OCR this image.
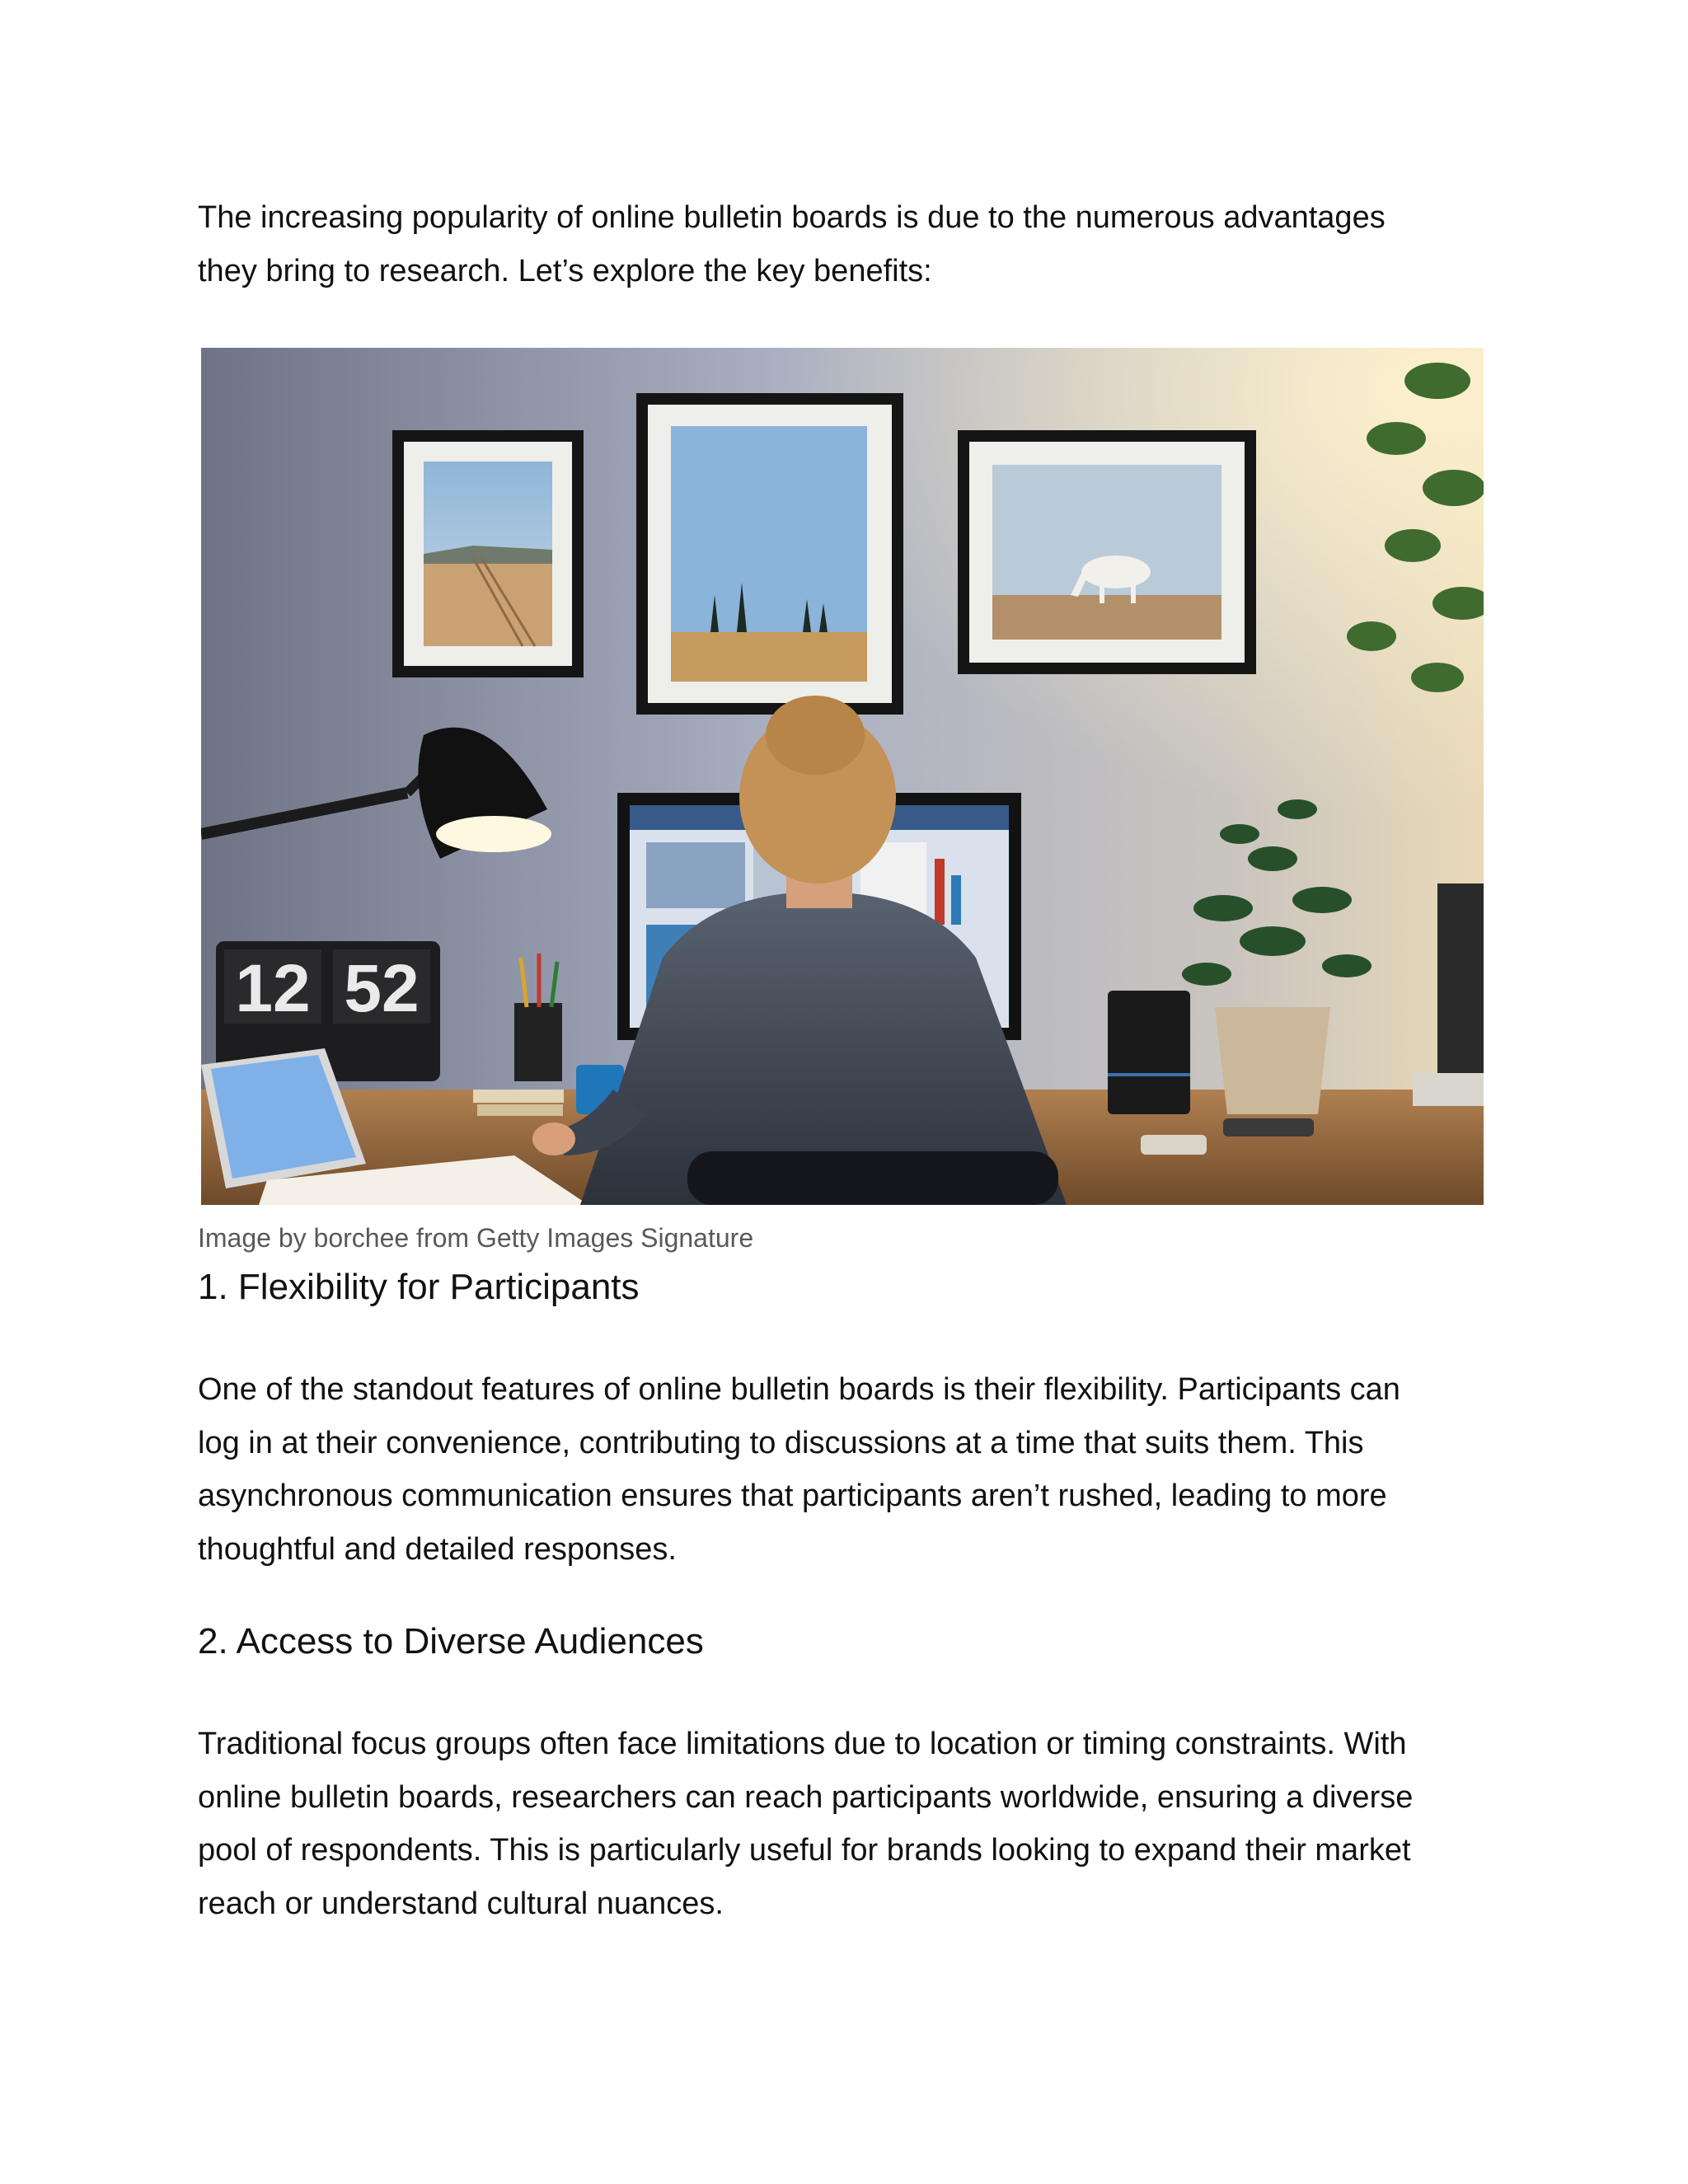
The increasing popularity of online bulletin boards is due to the numerous advantages

they bring to research. Let’s explore the key benefits:

12 52

Image by borchee from Getty Images Signature

1. Flexibility for Participants

One of the standout features of online bulletin boards is their flexibility. Participants can

log in at their convenience, contributing to discussions at a time that suits them. This

asynchronous communication ensures that participants aren’t rushed, leading to more

thoughtful and detailed responses.

2. Access to Diverse Audiences

Traditional focus groups often face limitations due to location or timing constraints. With

online bulletin boards, researchers can reach participants worldwide, ensuring a diverse

pool of respondents. This is particularly useful for brands looking to expand their market

reach or understand cultural nuances.
